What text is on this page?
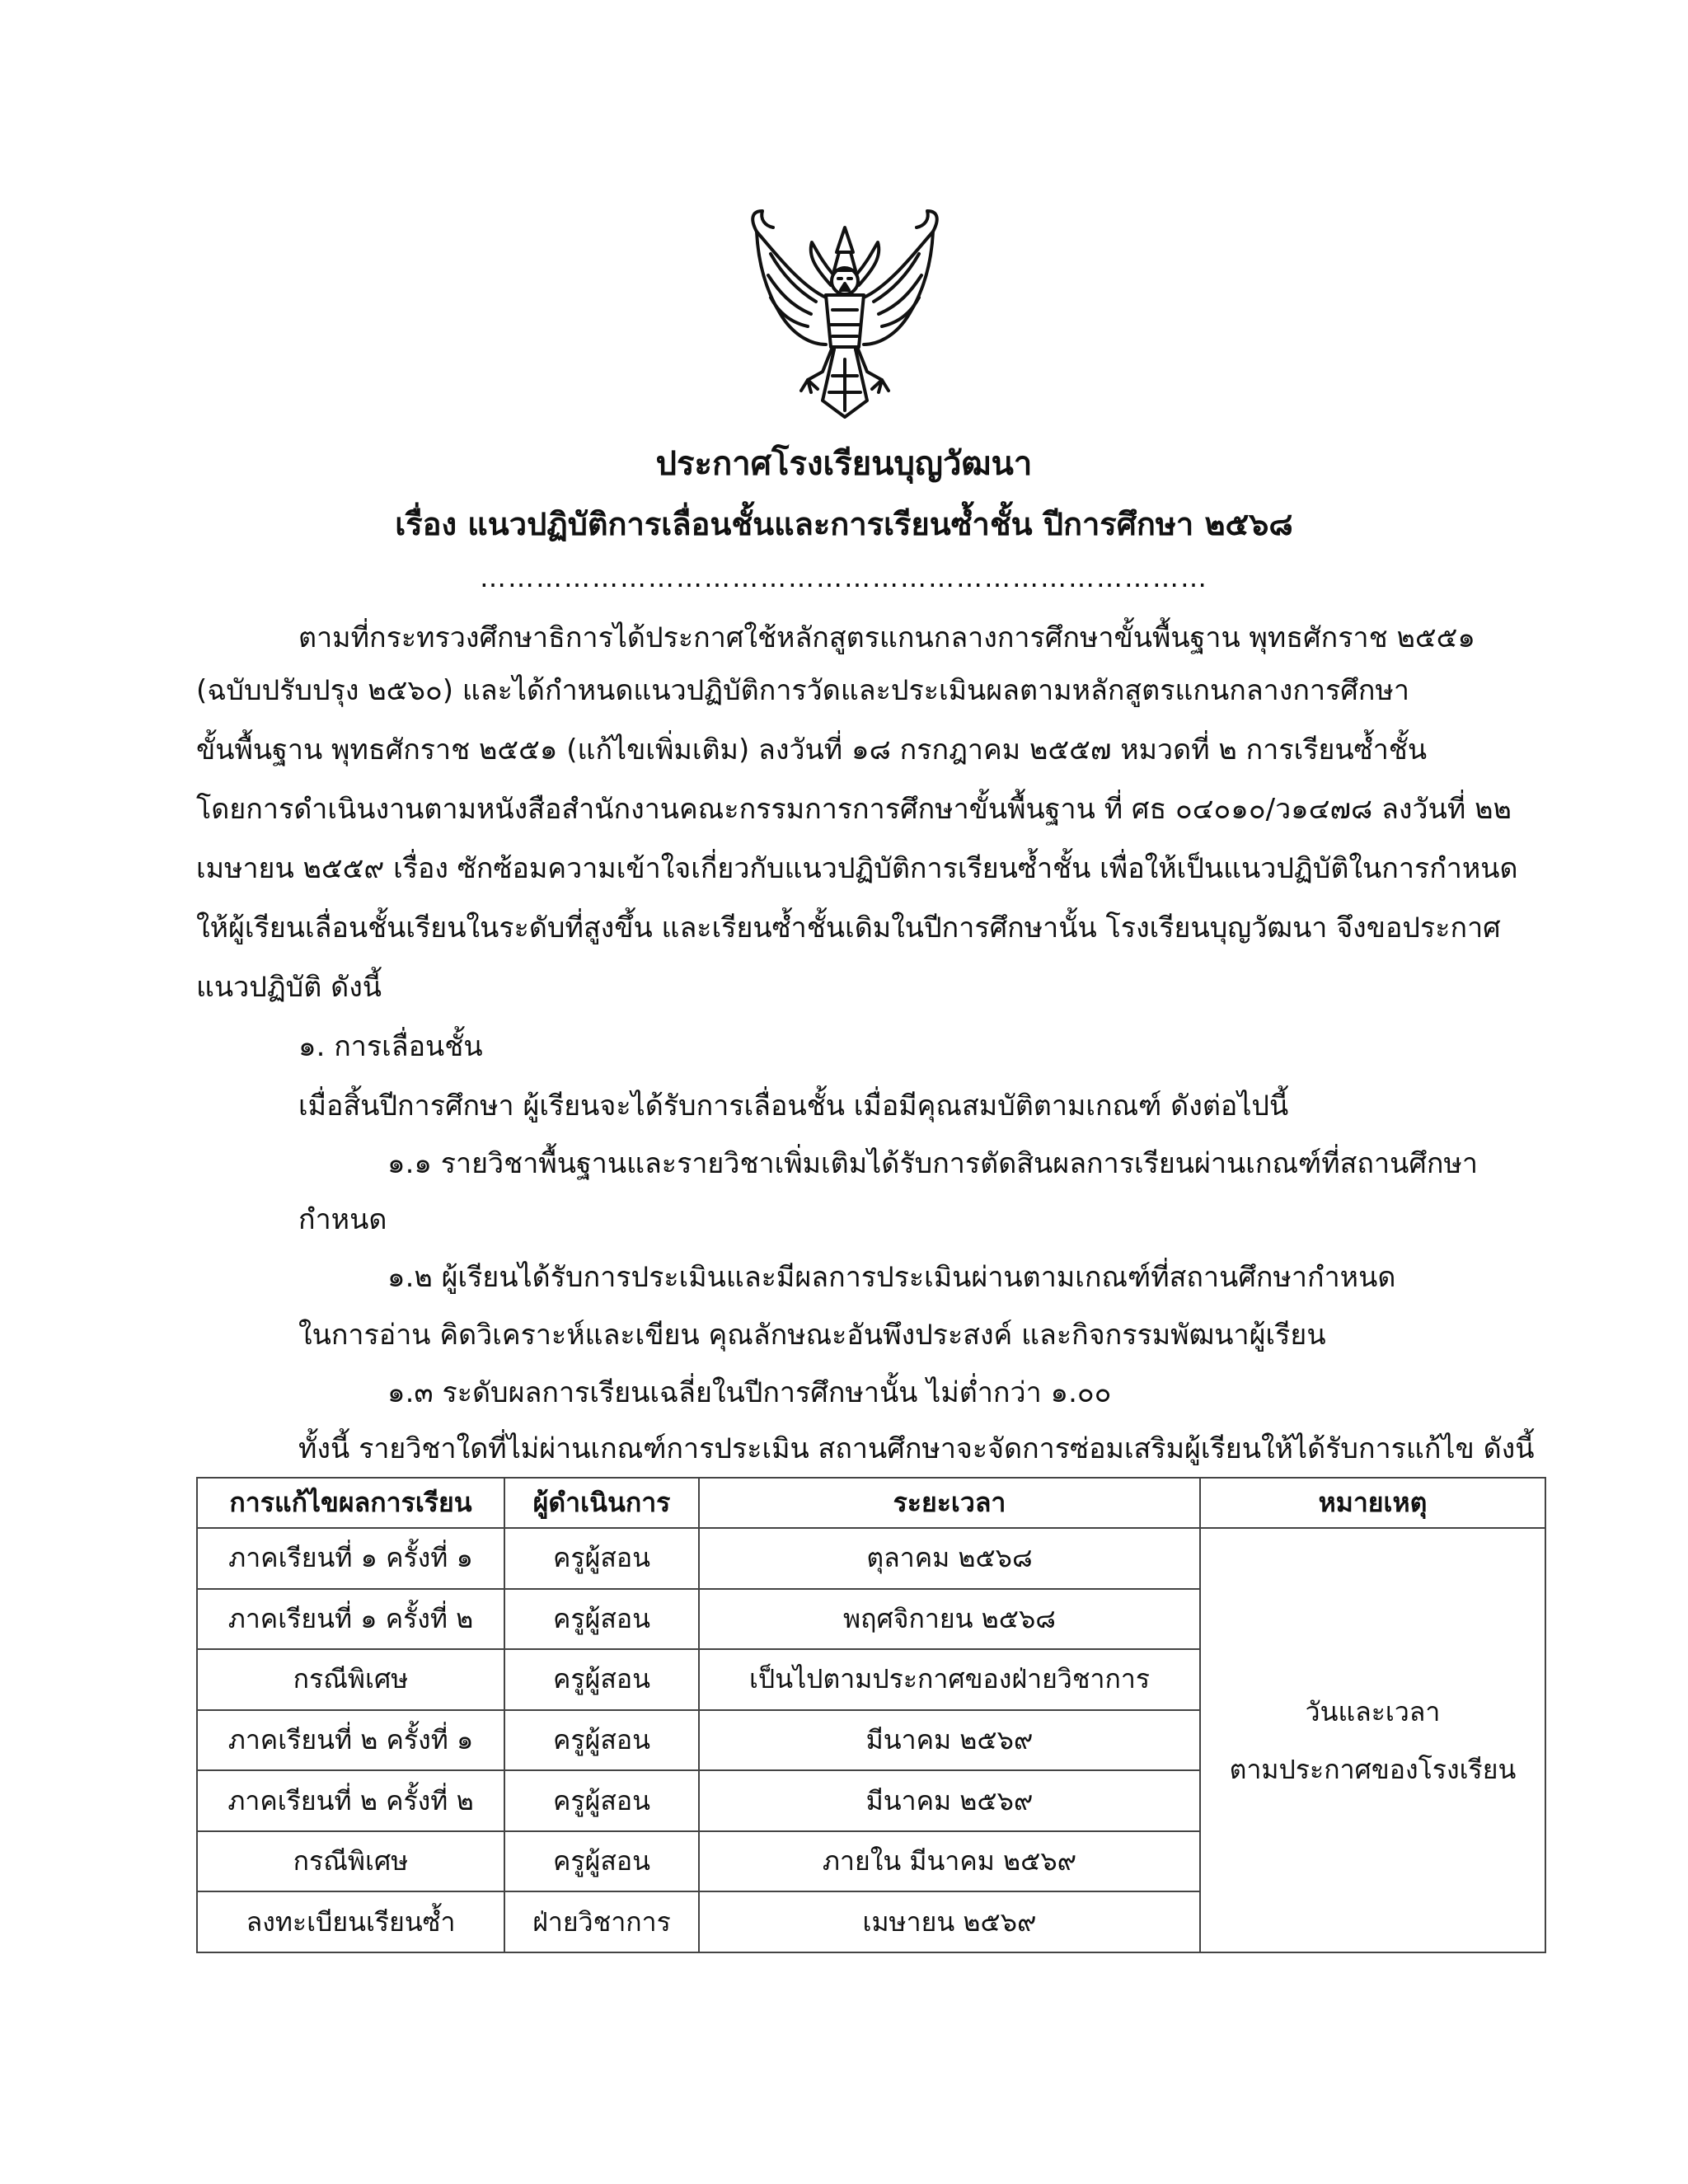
ประกาศโรงเรียนบุญวัฒนา
เรื่อง แนวปฏิบัติการเลื่อนชั้นและการเรียนซ้ำชั้น ปีการศึกษา ๒๕๖๘
……………………………………………………………………
ตามที่กระทรวงศึกษาธิการได้ประกาศใช้หลักสูตรแกนกลางการศึกษาขั้นพื้นฐาน พุทธศักราช ๒๕๕๑
(ฉบับปรับปรุง ๒๕๖๐) และได้กำหนดแนวปฏิบัติการวัดและประเมินผลตามหลักสูตรแกนกลางการศึกษา
ขั้นพื้นฐาน พุทธศักราช ๒๕๕๑ (แก้ไขเพิ่มเติม) ลงวันที่ ๑๘ กรกฎาคม ๒๕๕๗ หมวดที่ ๒ การเรียนซ้ำชั้น
โดยการดำเนินงานตามหนังสือสำนักงานคณะกรรมการการศึกษาขั้นพื้นฐาน ที่ ศธ ๐๔๐๑๐/ว๑๔๗๘ ลงวันที่ ๒๒
เมษายน ๒๕๕๙ เรื่อง ซักซ้อมความเข้าใจเกี่ยวกับแนวปฏิบัติการเรียนซ้ำชั้น เพื่อให้เป็นแนวปฏิบัติในการกำหนด
ให้ผู้เรียนเลื่อนชั้นเรียนในระดับที่สูงขึ้น และเรียนซ้ำชั้นเดิมในปีการศึกษานั้น โรงเรียนบุญวัฒนา จึงขอประกาศ
แนวปฏิบัติ ดังนี้
๑. การเลื่อนชั้น
เมื่อสิ้นปีการศึกษา ผู้เรียนจะได้รับการเลื่อนชั้น เมื่อมีคุณสมบัติตามเกณฑ์ ดังต่อไปนี้
๑.๑ รายวิชาพื้นฐานและรายวิชาเพิ่มเติมได้รับการตัดสินผลการเรียนผ่านเกณฑ์ที่สถานศึกษา
กำหนด
๑.๒ ผู้เรียนได้รับการประเมินและมีผลการประเมินผ่านตามเกณฑ์ที่สถานศึกษากำหนด
ในการอ่าน คิดวิเคราะห์และเขียน คุณลักษณะอันพึงประสงค์ และกิจกรรมพัฒนาผู้เรียน
๑.๓ ระดับผลการเรียนเฉลี่ยในปีการศึกษานั้น ไม่ต่ำกว่า ๑.๐๐
ทั้งนี้ รายวิชาใดที่ไม่ผ่านเกณฑ์การประเมิน สถานศึกษาจะจัดการซ่อมเสริมผู้เรียนให้ได้รับการแก้ไข ดังนี้
การแก้ไขผลการเรียน	ผู้ดำเนินการ	ระยะเวลา	หมายเหตุ
ภาคเรียนที่ ๑ ครั้งที่ ๑	ครูผู้สอน	ตุลาคม ๒๕๖๘	วันและเวลา
ตามประกาศของโรงเรียน

ภาคเรียนที่ ๑ ครั้งที่ ๒	ครูผู้สอน	พฤศจิกายน ๒๕๖๘	
กรณีพิเศษ	ครูผู้สอน	เป็นไปตามประกาศของฝ่ายวิชาการ	
ภาคเรียนที่ ๒ ครั้งที่ ๑	ครูผู้สอน	มีนาคม ๒๕๖๙	
ภาคเรียนที่ ๒ ครั้งที่ ๒	ครูผู้สอน	มีนาคม ๒๕๖๙	
กรณีพิเศษ	ครูผู้สอน	ภายใน มีนาคม ๒๕๖๙	
ลงทะเบียนเรียนซ้ำ	ฝ่ายวิชาการ	เมษายน ๒๕๖๙	
